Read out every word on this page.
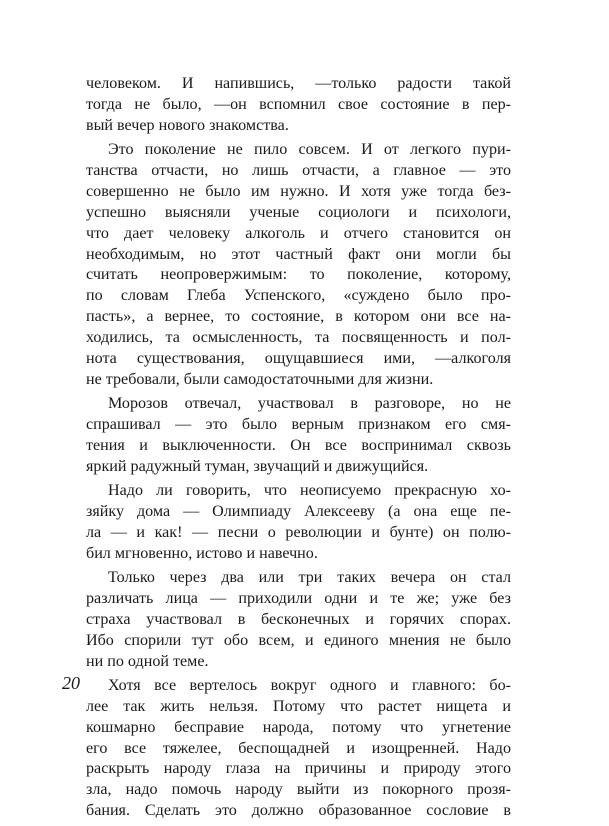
человеком. И напившись, —только радости такой
тогда не было, —он вспомнил свое состояние в пер-
вый вечер нового знакомства.
Это поколение не пило совсем. И от легкого пури-
танства отчасти, но лишь отчасти, а главное — это
совершенно не было им нужно. И хотя уже тогда без-
успешно выясняли ученые социологи и психологи,
что дает человеку алкоголь и отчего становится он
необходимым, но этот частный факт они могли бы
считать неопровержимым: то поколение, которому,
по словам Глеба Успенского, «суждено было про-
пасть», а вернее, то состояние, в котором они все на-
ходились, та осмысленность, та посвященность и пол-
нота существования, ощущавшиеся ими, —алкоголя
не требовали, были самодостаточными для жизни.
Морозов отвечал, участвовал в разговоре, но не
спрашивал — это было верным признаком его смя-
тения и выключенности. Он все воспринимал сквозь
яркий радужный туман, звучащий и движущийся.
Надо ли говорить, что неописуемо прекрасную хо-
зяйку дома — Олимпиаду Алексееву (а она еще пе-
ла — и как! — песни о революции и бунте) он полю-
бил мгновенно, истово и навечно.
Только через два или три таких вечера он стал
различать лица — приходили одни и те же; уже без
страха участвовал в бесконечных и горячих спорах.
Ибо спорили тут обо всем, и единого мнения не было
ни по одной теме.
Хотя все вертелось вокруг одного и главного: бо-
лее так жить нельзя. Потому что растет нищета и
кошмарно бесправие народа, потому что угнетение
его все тяжелее, беспощадней и изощренней. Надо
раскрыть народу глаза на причины и природу этого
зла, надо помочь народу выйти из покорного прозя-
бания. Сделать это должно образованное сословие в
20
